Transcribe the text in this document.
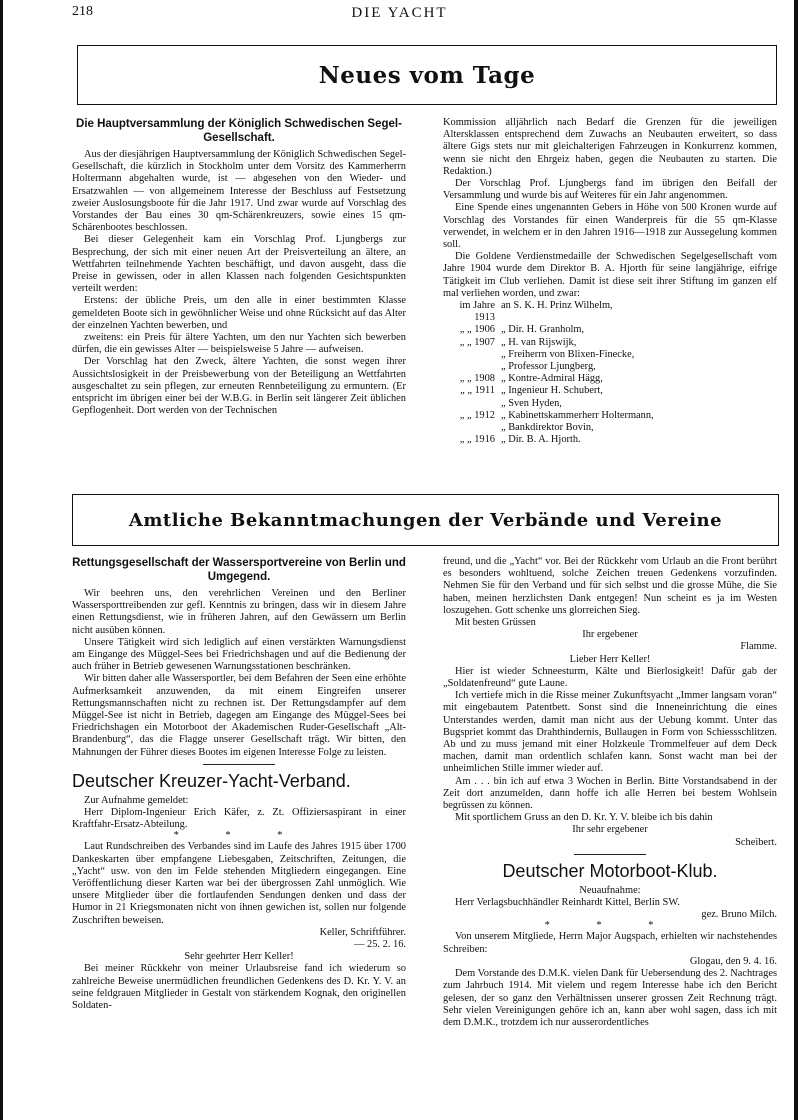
218	DIE YACHT
Neues vom Tage

Die Hauptversammlung der Königlich Schwedischen Segel-Gesellschaft.

Aus der diesjährigen Hauptversammlung der Königlich Schwedischen Segel-Gesellschaft, die kürzlich in Stockholm unter dem Vorsitz des Kammerherrn Holtermann abgehalten wurde, ist — abgesehen von den Wieder- und Ersatzwahlen — von allgemeinem Interesse der Beschluss auf Festsetzung zweier Auslosungsboote für die Jahr 1917. Und zwar wurde auf Vorschlag des Vorstandes der Bau eines 30 qm-Schärenkreuzers, sowie eines 15 qm-Schärenbootes beschlossen.

Bei dieser Gelegenheit kam ein Vorschlag Prof. Ljungbergs zur Besprechung, der sich mit einer neuen Art der Preisverteilung an ältere, an Wettfahrten teilnehmende Yachten beschäftigt, und davon ausgeht, dass die Preise in gewissen, oder in allen Klassen nach folgenden Gesichtspunkten verteilt werden:

Erstens: der übliche Preis, um den alle in einer bestimmten Klasse gemeldeten Boote sich in gewöhnlicher Weise und ohne Rücksicht auf das Alter der einzelnen Yachten bewerben, und

zweitens: ein Preis für ältere Yachten, um den nur Yachten sich bewerben dürfen, die ein gewisses Alter — beispielsweise 5 Jahre — aufweisen.

Der Vorschlag hat den Zweck, ältere Yachten, die sonst wegen ihrer Aussichtslosigkeit in der Preisbewerbung von der Beteiligung an Wettfahrten ausgeschaltet zu sein pflegen, zur erneuten Rennbeteiligung zu ermuntern. (Er entspricht im übrigen einer bei der W.B.G. in Berlin seit längerer Zeit üblichen Gepflogenheit. Dort werden von der Technischen

Kommission alljährlich nach Bedarf die Grenzen für die jeweiligen Altersklassen entsprechend dem Zuwachs an Neubauten erweitert, so dass ältere Gigs stets nur mit gleichalterigen Fahrzeugen in Konkurrenz kommen, wenn sie nicht den Ehrgeiz haben, gegen die Neubauten zu starten. Die Redaktion.)

Der Vorschlag Prof. Ljungbergs fand im übrigen den Beifall der Versammlung und wurde bis auf Weiteres für ein Jahr angenommen.

Eine Spende eines ungenannten Gebers in Höhe von 500 Kronen wurde auf Vorschlag des Vorstandes für einen Wanderpreis für die 55 qm-Klasse verwendet, in welchem er in den Jahren 1916—1918 zur Aussegelung kommen soll.

Die Goldene Verdienstmedaille der Schwedischen Segelgesellschaft vom Jahre 1904 wurde dem Direktor B. A. Hjorth für seine langjährige, eifrige Tätigkeit im Club verliehen. Damit ist diese seit ihrer Stiftung im ganzen elf mal verliehen worden, und zwar:

im Jahre 1913
an S. K. H. Prinz Wilhelm,
„ „ 1906 „ Dir. H. Granholm,
„ „ 1907 „ H. van Rijswijk,
„ Freiherrn von Blixen-Finecke,
„ Professor Ljungberg,
„ „ 1908 „ Kontre-Admiral Hägg,
„ „ 1911 „ Ingenieur H. Schubert,
„ Sven Hyden,
„ „ 1912 „ Kabinettskammerherr Holtermann,
„ Bankdirektor Bovin,
„ „ 1916 „ Dir. B. A. Hjorth.
Amtliche Bekanntmachungen der Verbände und Vereine

Rettungsgesellschaft der Wassersportvereine von Berlin und Umgegend.

Wir beehren uns, den verehrlichen Vereinen und den Berliner Wassersporttreibenden zur gefl. Kenntnis zu bringen, dass wir in diesem Jahre einen Rettungsdienst, wie in früheren Jahren, auf den Gewässern um Berlin nicht ausüben können.

Unsere Tätigkeit wird sich lediglich auf einen verstärkten Warnungsdienst am Eingange des Müggel-Sees bei Friedrichshagen und auf die Bedienung der auch früher in Betrieb gewesenen Warnungsstationen beschränken.

Wir bitten daher alle Wassersportler, bei dem Befahren der Seen eine erhöhte Aufmerksamkeit anzuwenden, da mit einem Eingreifen unserer Rettungsmannschaften nicht zu rechnen ist. Der Rettungsdampfer auf dem Müggel-See ist nicht in Betrieb, dagegen am Eingange des Müggel-Sees bei Friedrichshagen ein Motorboot der Akademischen Ruder-Gesellschaft „Alt-Brandenburg“, das die Flagge unserer Gesellschaft trägt. Wir bitten, den Mahnungen der Führer dieses Bootes im eigenen Interesse Folge zu leisten.

Deutscher Kreuzer-Yacht-Verband.

Zur Aufnahme gemeldet:

Herr Diplom-Ingenieur Erich Käfer, z. Zt. Offiziersaspirant in einer Kraftfahr-Ersatz-Abteilung.

* * *

Laut Rundschreiben des Verbandes sind im Laufe des Jahres 1915 über 1700 Dankeskarten über empfangene Liebesgaben, Zeitschriften, Zeitungen, die „Yacht“ usw. von den im Felde stehenden Mitgliedern eingegangen. Eine Veröffentlichung dieser Karten war bei der übergrossen Zahl unmöglich. Wie unsere Mitglieder über die fortlaufenden Sendungen denken und dass der Humor in 21 Kriegsmonaten nicht von ihnen gewichen ist, sollen nur folgende Zuschriften beweisen.

Keller, Schriftführer.

— 25. 2. 16.

Sehr geehrter Herr Keller!

Bei meiner Rückkehr von meiner Urlaubsreise fand ich wiederum so zahlreiche Beweise unermüdlichen freundlichen Gedenkens des D. Kr. Y. V. an seine feldgrauen Mitglieder in Gestalt von stärkendem Kognak, den originellen Soldaten-

freund, und die „Yacht“ vor. Bei der Rückkehr vom Urlaub an die Front berührt es besonders wohltuend, solche Zeichen treuen Gedenkens vorzufinden. Nehmen Sie für den Verband und für sich selbst und die grosse Mühe, die Sie haben, meinen herzlichsten Dank entgegen! Nun scheint es ja im Westen loszugehen. Gott schenke uns glorreichen Sieg.

Mit besten Grüssen

Ihr ergebener

Flamme.

Lieber Herr Keller!

Hier ist wieder Schneesturm, Kälte und Bierlosigkeit! Dafür gab der „Soldatenfreund“ gute Laune.

Ich vertiefe mich in die Risse meiner Zukunftsyacht „Immer langsam voran“ mit eingebautem Patentbett. Sonst sind die Inneneinrichtung die eines Unterstandes werden, damit man nicht aus der Uebung kommt. Unter das Bugspriet kommt das Drahthindernis, Bullaugen in Form von Schiessschlitzen. Ab und zu muss jemand mit einer Holzkeule Trommelfeuer auf dem Deck machen, damit man ordentlich schlafen kann. Sonst wacht man bei der unheimlichen Stille immer wieder auf.

Am . . . bin ich auf etwa 3 Wochen in Berlin. Bitte Vorstandsabend in der Zeit dort anzumelden, dann hoffe ich alle Herren bei bestem Wohlsein begrüssen zu können.

Mit sportlichem Gruss an den D. Kr. Y. V. bleibe ich bis dahin

Ihr sehr ergebener

Scheibert.

Deutscher Motorboot-Klub.

Neuaufnahme:

Herr Verlagsbuchhändler Reinhardt Kittel, Berlin SW.

gez. Bruno Milch.

* * *

Von unserem Mitgliede, Herrn Major Augspach, erhielten wir nachstehendes Schreiben:

Glogau, den 9. 4. 16.

Dem Vorstande des D.M.K. vielen Dank für Uebersendung des 2. Nachtrages zum Jahrbuch 1914. Mit vielem und regem Interesse habe ich den Bericht gelesen, der so ganz den Verhältnissen unserer grossen Zeit Rechnung trägt. Sehr vielen Vereinigungen gehöre ich an, kann aber wohl sagen, dass ich mit dem D.M.K., trotzdem ich nur ausserordentliches
